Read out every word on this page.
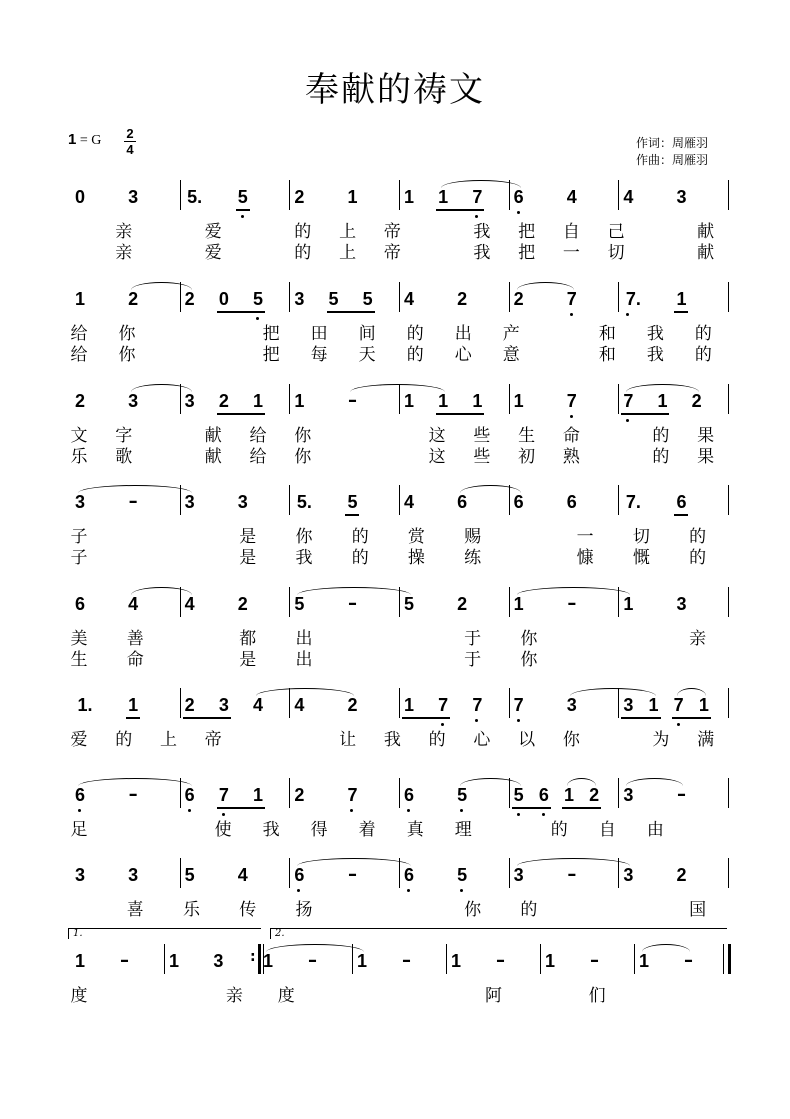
奉献的祷文
1 = G 2
4	作词：周雁羽
作曲：周雁羽
0 3	5.	5	2 1	1 1 7 6 4	4 3
亲	爱	的 上 帝	我 把 自 己	献
亲	爱	的 上 帝	我 把 一 切	献
1 2	2 0 5 3 5 5 4 2	2 7	7.	1
给 你	把 田 间 的 出 产	和 我 的
给 你	把 每 天 的 心 意	和 我 的
2 3	3 2 1 1 –	1 1 1 1 7	7 1 2
文 字	献 给 你	这 些 生 命	的 果
乐 歌	献 给 你	这 些 初 熟	的 果
3 –	3 3	5.	5	4 6	6 6	7.	6
子	是 你 的 赏 赐	一 切 的
子	是 我 的 操 练	慷 慨 的
6 4	4 2	5 –	5 2	1 –	1 3
美 善	都 出	于 你	亲
生 命	是 出	于 你
1.	1	2 3 4 4 2	1 7 7 7 3	3 1 7 1
爱 的 上 帝	让 我 的 心 以 你	为 满
6 –	6 7 1 2 7	6 5	5 6 1 2 3 –
足	使 我 得 着 真 理	的 自 由
3 3	5 4	6 –	6 5	3 –	3 2
喜 乐 传 扬	你 的	国
:
1 – 1 3 1 – 1 – 1 – 1 – 1 –
度	亲 度	阿	们
1.	2.
